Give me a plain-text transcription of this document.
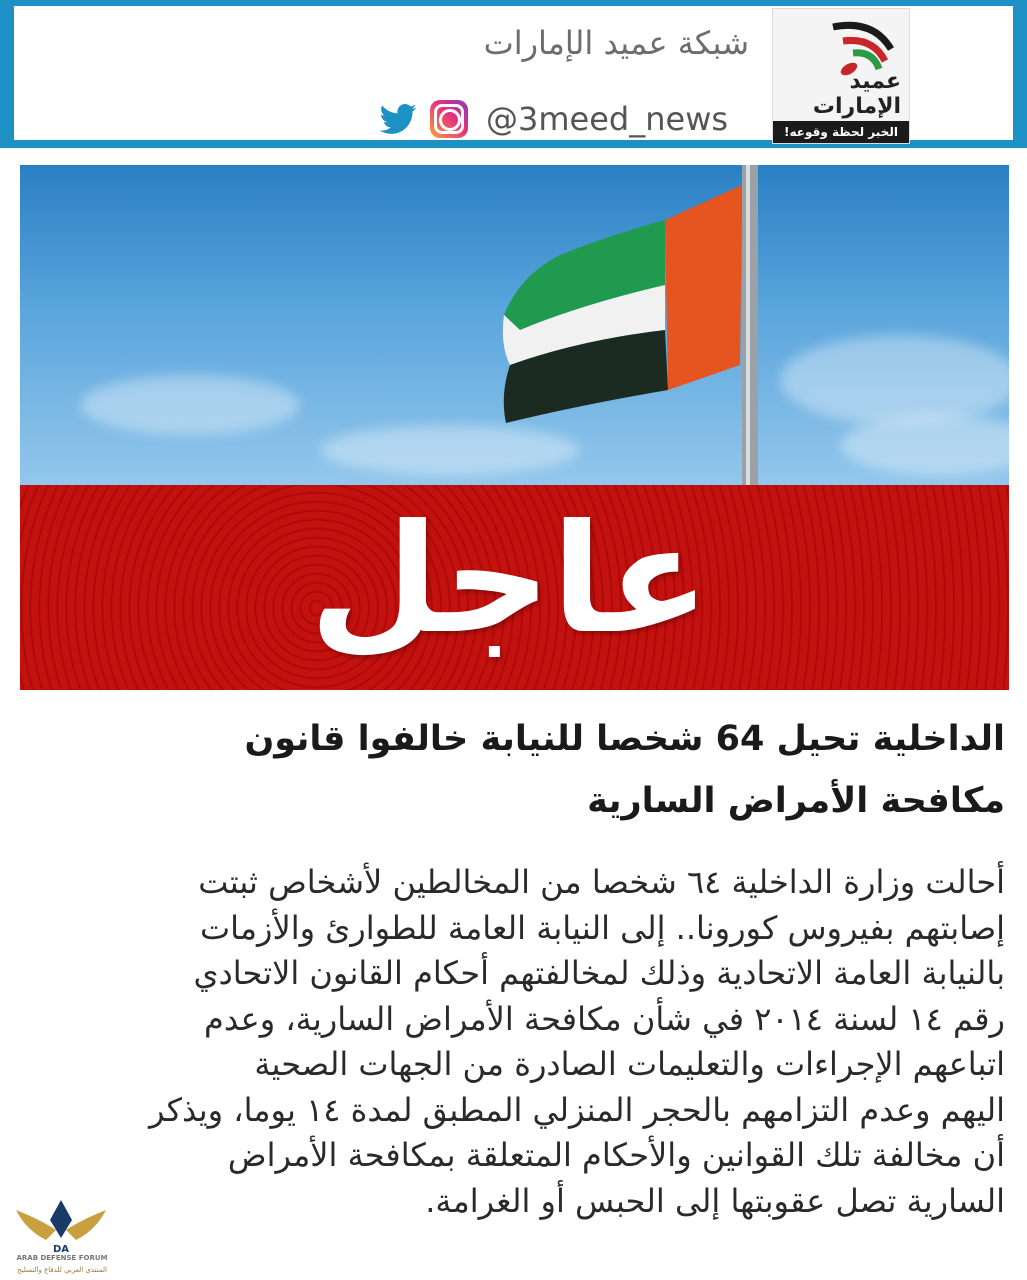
عميد الإمارات
الخبر لحظة وقوعه!
شبكة عميد الإمارات
@3meed_news
عاجل
الداخلية تحيل 64 شخصا للنيابة خالفوا قانون
مكافحة الأمراض السارية
أحالت وزارة الداخلية ٦٤ شخصا من المخالطين لأشخاص ثبتت
إصابتهم بفيروس كورونا.. إلى النيابة العامة للطوارئ والأزمات
بالنيابة العامة الاتحادية وذلك لمخالفتهم أحكام القانون الاتحادي
رقم ١٤ لسنة ٢٠١٤ في شأن مكافحة الأمراض السارية، وعدم
اتباعهم الإجراءات والتعليمات الصادرة من الجهات الصحية
اليهم وعدم التزامهم بالحجر المنزلي المطبق لمدة ١٤ يوما، ويذكر
أن مخالفة تلك القوانين والأحكام المتعلقة بمكافحة الأمراض
السارية تصل عقوبتها إلى الحبس أو الغرامة.
DA
ARAB DEFENSE FORUM
المنتدى العربي للدفاع والتسليح
